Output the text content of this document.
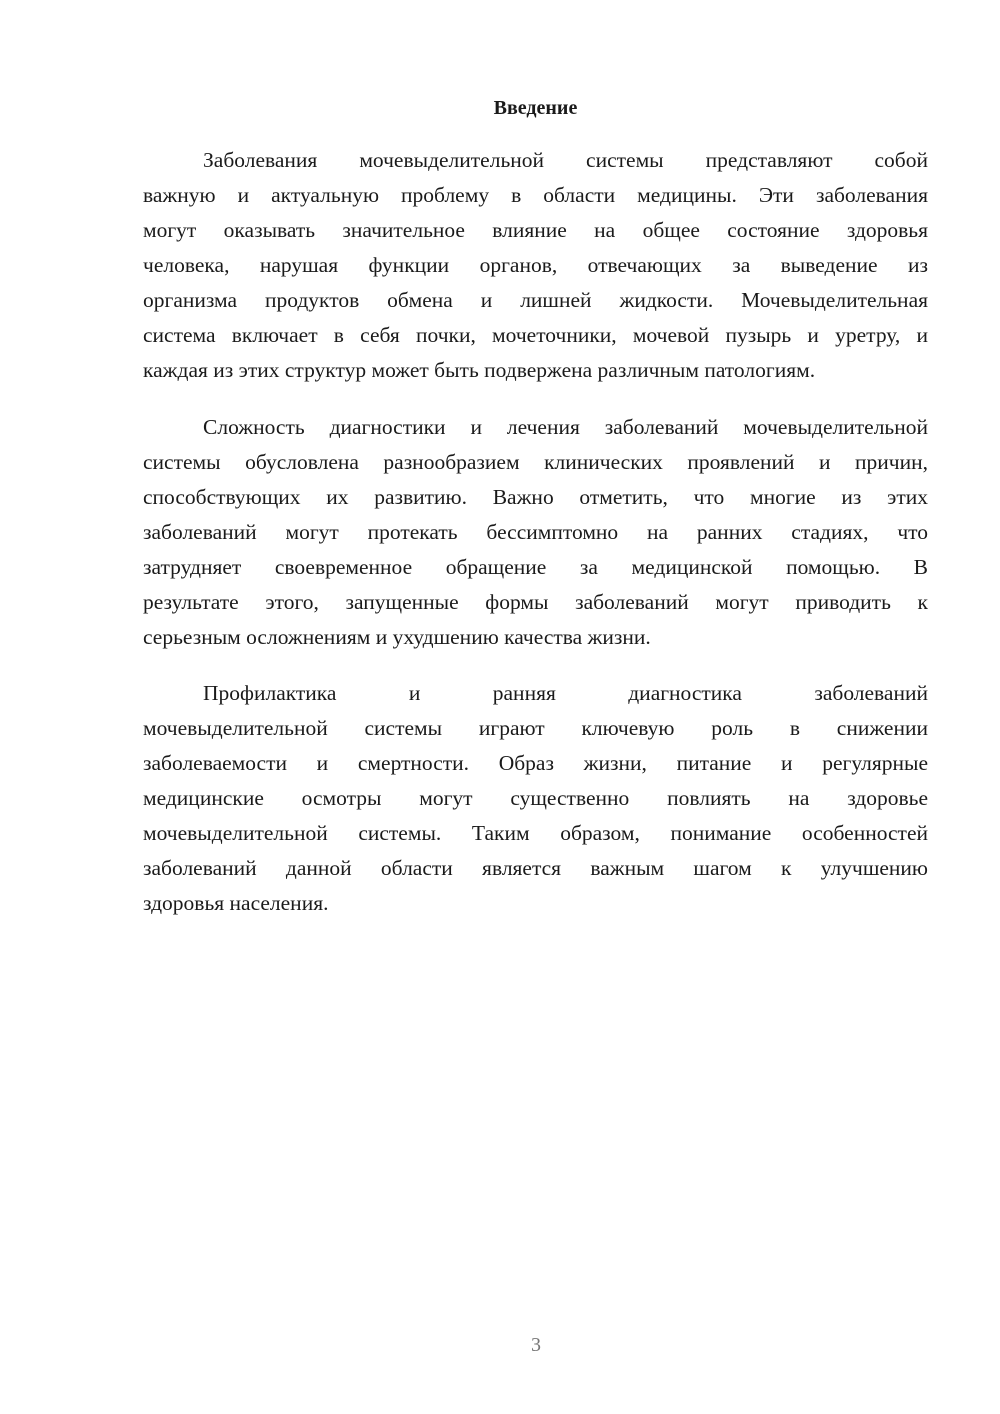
Введение
Заболевания мочевыделительной системы представляют собой
важную и актуальную проблему в области медицины. Эти заболевания
могут оказывать значительное влияние на общее состояние здоровья
человека, нарушая функции органов, отвечающих за выведение из
организма продуктов обмена и лишней жидкости. Мочевыделительная
система включает в себя почки, мочеточники, мочевой пузырь и уретру, и
каждая из этих структур может быть подвержена различным патологиям.
Сложность диагностики и лечения заболеваний мочевыделительной
системы обусловлена разнообразием клинических проявлений и причин,
способствующих их развитию. Важно отметить, что многие из этих
заболеваний могут протекать бессимптомно на ранних стадиях, что
затрудняет своевременное обращение за медицинской помощью. В
результате этого, запущенные формы заболеваний могут приводить к
серьезным осложнениям и ухудшению качества жизни.
Профилактика и ранняя диагностика заболеваний
мочевыделительной системы играют ключевую роль в снижении
заболеваемости и смертности. Образ жизни, питание и регулярные
медицинские осмотры могут существенно повлиять на здоровье
мочевыделительной системы. Таким образом, понимание особенностей
заболеваний данной области является важным шагом к улучшению
здоровья населения.
3
